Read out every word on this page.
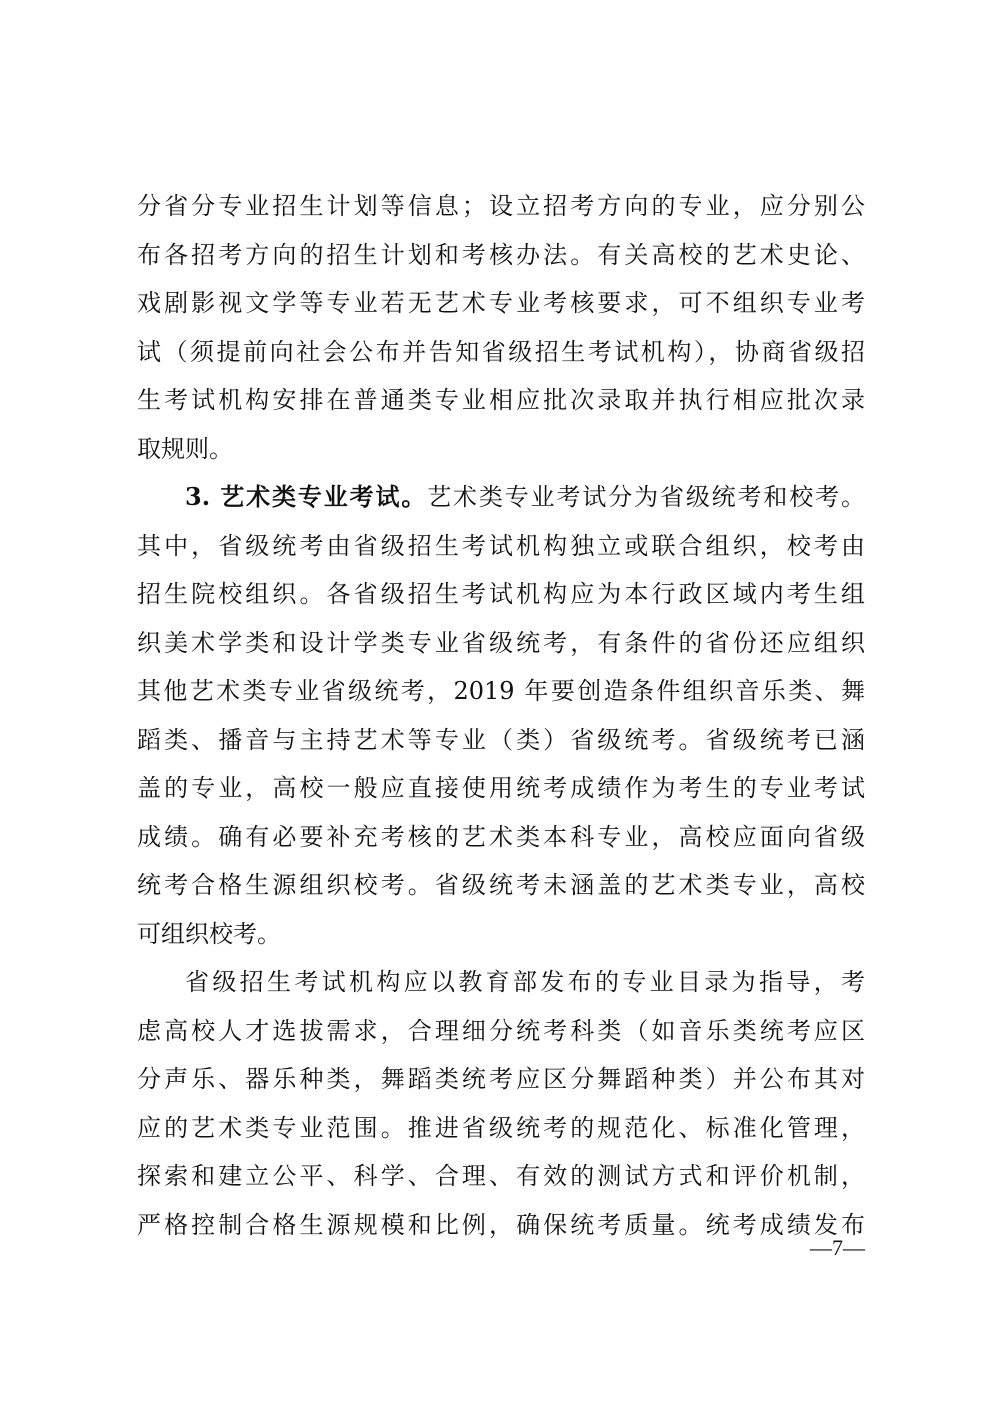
分省分专业招生计划等信息；设立招考方向的专业，应分别公
布各招考方向的招生计划和考核办法。有关高校的艺术史论、
戏剧影视文学等专业若无艺术专业考核要求，可不组织专业考
试（须提前向社会公布并告知省级招生考试机构），协商省级招
生考试机构安排在普通类专业相应批次录取并执行相应批次录
取规则。
3. 艺术类专业考试。艺术类专业考试分为省级统考和校考。
其中，省级统考由省级招生考试机构独立或联合组织，校考由
招生院校组织。各省级招生考试机构应为本行政区域内考生组
织美术学类和设计学类专业省级统考，有条件的省份还应组织
其他艺术类专业省级统考，2019 年要创造条件组织音乐类、舞
蹈类、播音与主持艺术等专业（类）省级统考。省级统考已涵
盖的专业，高校一般应直接使用统考成绩作为考生的专业考试
成绩。确有必要补充考核的艺术类本科专业，高校应面向省级
统考合格生源组织校考。省级统考未涵盖的艺术类专业，高校
可组织校考。
省级招生考试机构应以教育部发布的专业目录为指导，考
虑高校人才选拔需求，合理细分统考科类（如音乐类统考应区
分声乐、器乐种类，舞蹈类统考应区分舞蹈种类）并公布其对
应的艺术类专业范围。推进省级统考的规范化、标准化管理，
探索和建立公平、科学、合理、有效的测试方式和评价机制，
严格控制合格生源规模和比例，确保统考质量。统考成绩发布
—7—
